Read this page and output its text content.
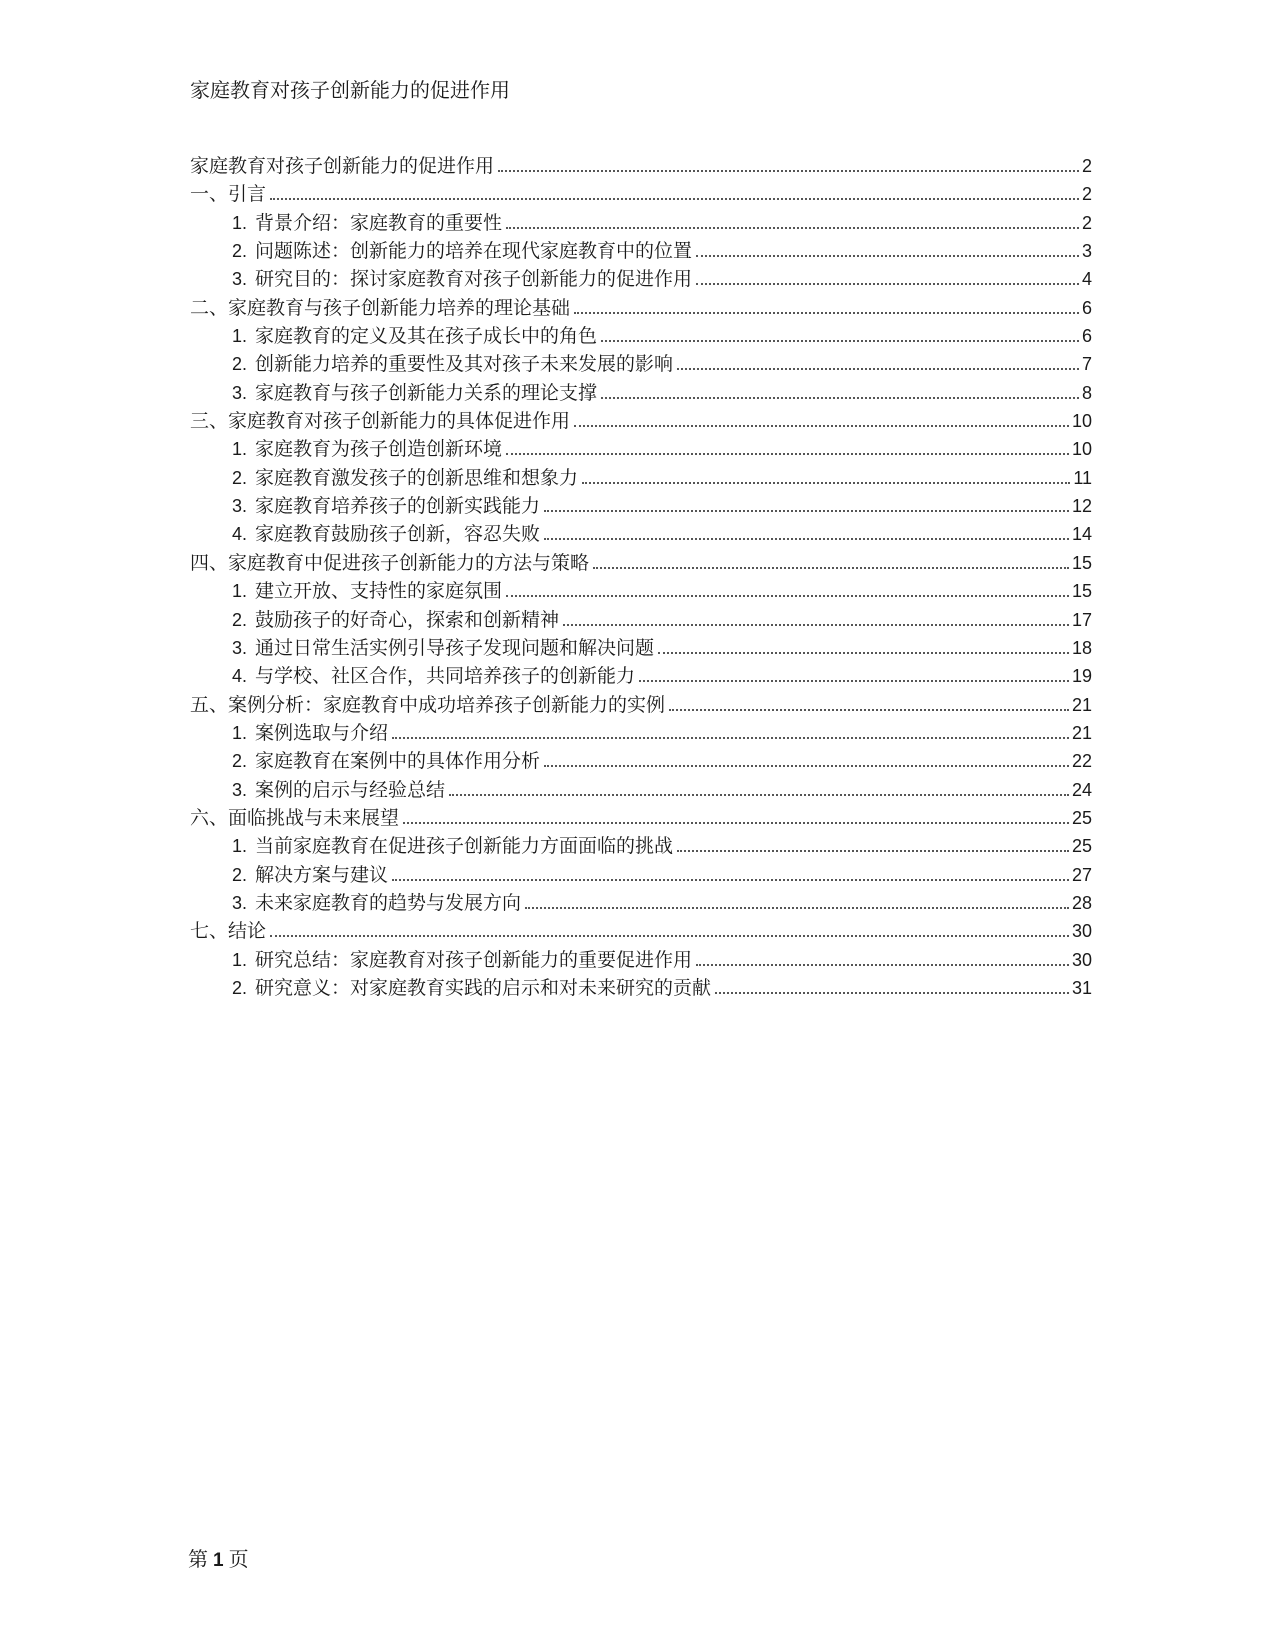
家庭教育对孩子创新能力的促进作用
家庭教育对孩子创新能力的促进作用	2
一、引言	2
1. 背景介绍：家庭教育的重要性	2
2. 问题陈述：创新能力的培养在现代家庭教育中的位置	3
3. 研究目的：探讨家庭教育对孩子创新能力的促进作用	4
二、家庭教育与孩子创新能力培养的理论基础	6
1. 家庭教育的定义及其在孩子成长中的角色	6
2. 创新能力培养的重要性及其对孩子未来发展的影响	7
3. 家庭教育与孩子创新能力关系的理论支撑	8
三、家庭教育对孩子创新能力的具体促进作用	10
1. 家庭教育为孩子创造创新环境	10
2. 家庭教育激发孩子的创新思维和想象力	11
3. 家庭教育培养孩子的创新实践能力	12
4. 家庭教育鼓励孩子创新，容忍失败	14
四、家庭教育中促进孩子创新能力的方法与策略	15
1. 建立开放、支持性的家庭氛围	15
2. 鼓励孩子的好奇心，探索和创新精神	17
3. 通过日常生活实例引导孩子发现问题和解决问题	18
4. 与学校、社区合作，共同培养孩子的创新能力	19
五、案例分析：家庭教育中成功培养孩子创新能力的实例	21
1. 案例选取与介绍	21
2. 家庭教育在案例中的具体作用分析	22
3. 案例的启示与经验总结	24
六、面临挑战与未来展望	25
1. 当前家庭教育在促进孩子创新能力方面面临的挑战	25
2. 解决方案与建议	27
3. 未来家庭教育的趋势与发展方向	28
七、结论	30
1. 研究总结：家庭教育对孩子创新能力的重要促进作用	30
2. 研究意义：对家庭教育实践的启示和对未来研究的贡献	31
第 1 页
